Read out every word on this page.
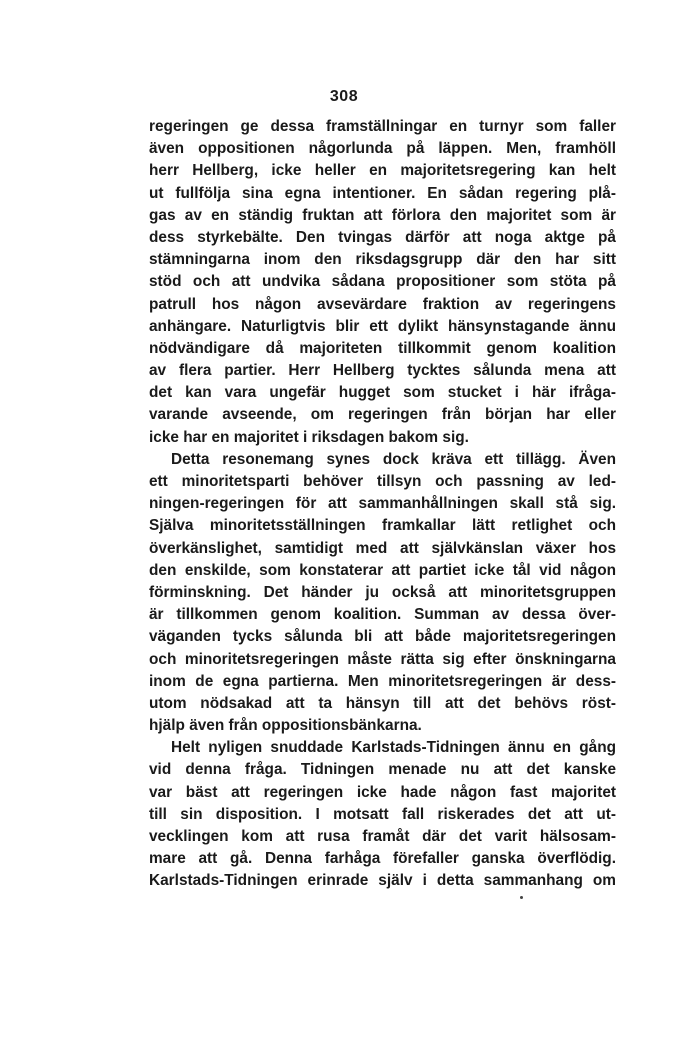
308
regeringen ge dessa framställningar en turnyr som faller
även oppositionen någorlunda på läppen. Men, framhöll
herr Hellberg, icke heller en majoritetsregering kan helt
ut fullfölja sina egna intentioner. En sådan regering plå-
gas av en ständig fruktan att förlora den majoritet som är
dess styrkebälte. Den tvingas därför att noga aktge på
stämningarna inom den riksdagsgrupp där den har sitt
stöd och att undvika sådana propositioner som stöta på
patrull hos någon avsevärdare fraktion av regeringens
anhängare. Naturligtvis blir ett dylikt hänsynstagande ännu
nödvändigare då majoriteten tillkommit genom koalition
av flera partier. Herr Hellberg tycktes sålunda mena att
det kan vara ungefär hugget som stucket i här ifråga-
varande avseende, om regeringen från början har eller
icke har en majoritet i riksdagen bakom sig.
Detta resonemang synes dock kräva ett tillägg. Även
ett minoritetsparti behöver tillsyn och passning av led-
ningen-regeringen för att sammanhållningen skall stå sig.
Själva minoritetsställningen framkallar lätt retlighet och
överkänslighet, samtidigt med att självkänslan växer hos
den enskilde, som konstaterar att partiet icke tål vid någon
förminskning. Det händer ju också att minoritetsgruppen
är tillkommen genom koalition. Summan av dessa över-
väganden tycks sålunda bli att både majoritetsregeringen
och minoritetsregeringen måste rätta sig efter önskningarna
inom de egna partierna. Men minoritetsregeringen är dess-
utom nödsakad att ta hänsyn till att det behövs röst-
hjälp även från oppositionsbänkarna.
Helt nyligen snuddade Karlstads-Tidningen ännu en gång
vid denna fråga. Tidningen menade nu att det kanske
var bäst att regeringen icke hade någon fast majoritet
till sin disposition. I motsatt fall riskerades det att ut-
vecklingen kom att rusa framåt där det varit hälsosam-
mare att gå. Denna farhåga förefaller ganska överflödig.
Karlstads-Tidningen erinrade själv i detta sammanhang om
